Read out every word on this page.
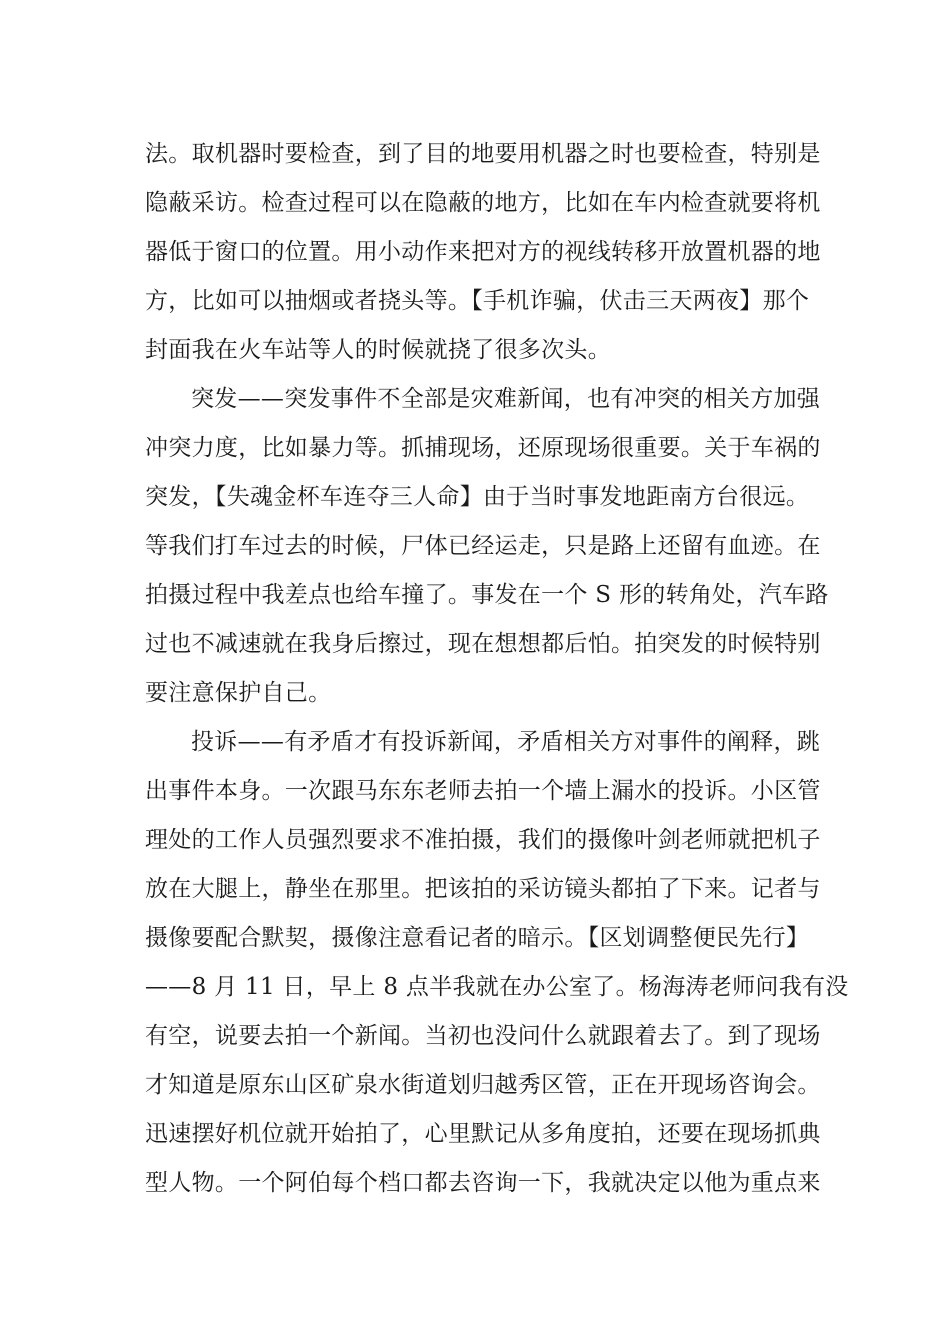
法。取机器时要检查，到了目的地要用机器之时也要检查，特别是
隐蔽采访。检查过程可以在隐蔽的地方，比如在车内检查就要将机
器低于窗口的位置。用小动作来把对方的视线转移开放置机器的地
方，比如可以抽烟或者挠头等。【手机诈骗，伏击三天两夜】那个
封面我在火车站等人的时候就挠了很多次头。
突发——突发事件不全部是灾难新闻，也有冲突的相关方加强
冲突力度，比如暴力等。抓捕现场，还原现场很重要。关于车祸的
突发，【失魂金杯车连夺三人命】由于当时事发地距南方台很远。
等我们打车过去的时候，尸体已经运走，只是路上还留有血迹。在
拍摄过程中我差点也给车撞了。事发在一个 S 形的转角处，汽车路
过也不减速就在我身后擦过，现在想想都后怕。拍突发的时候特别
要注意保护自己。
投诉——有矛盾才有投诉新闻，矛盾相关方对事件的阐释，跳
出事件本身。一次跟马东东老师去拍一个墙上漏水的投诉。小区管
理处的工作人员强烈要求不准拍摄，我们的摄像叶剑老师就把机子
放在大腿上，静坐在那里。把该拍的采访镜头都拍了下来。记者与
摄像要配合默契，摄像注意看记者的暗示。【区划调整便民先行】
——8 月 11 日，早上 8 点半我就在办公室了。杨海涛老师问我有没
有空，说要去拍一个新闻。当初也没问什么就跟着去了。到了现场
才知道是原东山区矿泉水街道划归越秀区管，正在开现场咨询会。
迅速摆好机位就开始拍了，心里默记从多角度拍，还要在现场抓典
型人物。一个阿伯每个档口都去咨询一下，我就决定以他为重点来
